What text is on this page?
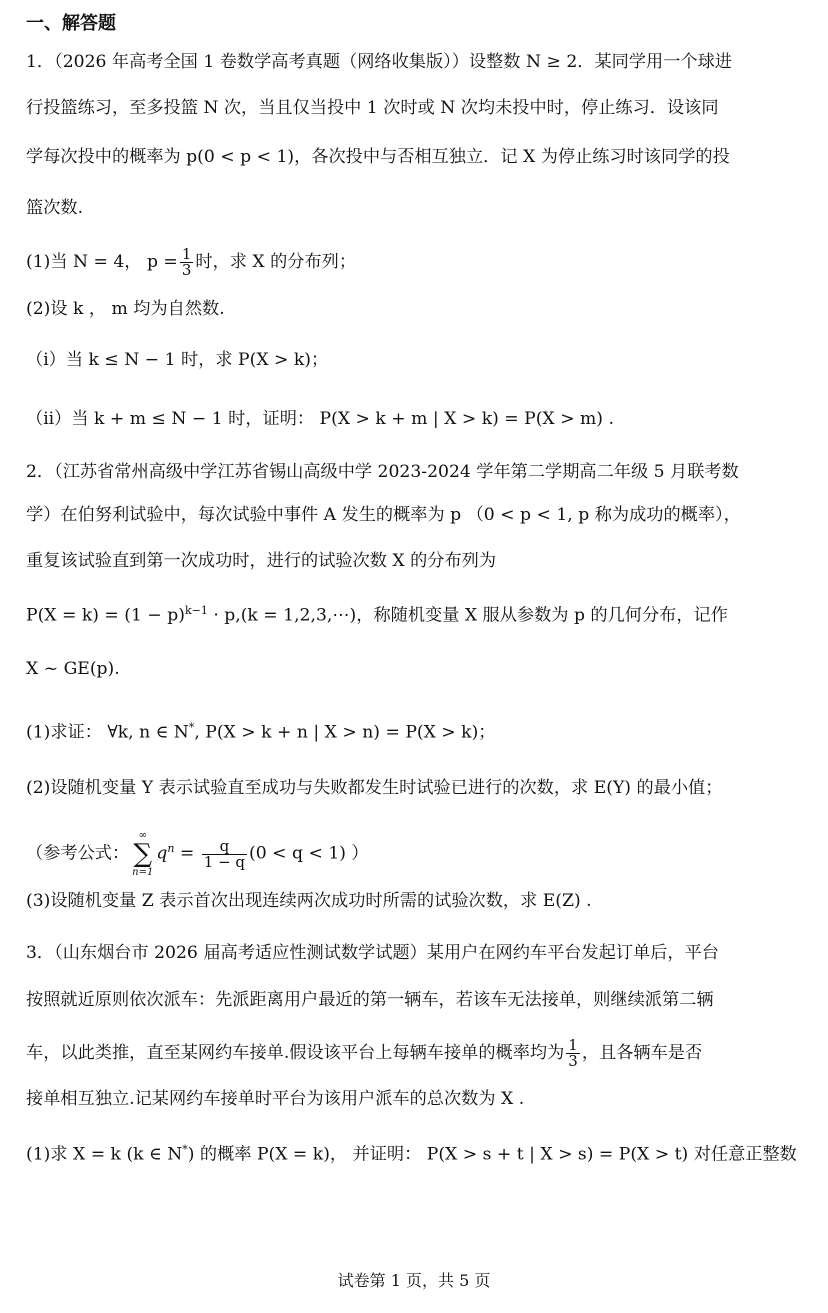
一、解答题
1．（2026 年高考全国 1 卷数学高考真题（网络收集版））设整数 N ≥ 2．某同学用一个球进
行投篮练习，至多投篮 N 次，当且仅当投中 1 次时或 N 次均未投中时，停止练习．设该同
学每次投中的概率为 p(0 < p < 1)，各次投中与否相互独立．记 X 为停止练习时该同学的投
篮次数.
(1)当 N = 4， $p = \frac{1}{3}$ 时，求 X 的分布列；
(2)设 k ， m 均为自然数.
（i）当 k ≤ N − 1 时，求 P(X > k)；
（ii）当 k + m ≤ N − 1 时，证明： P(X > k + m | X > k) = P(X > m) .
2．（江苏省常州高级中学江苏省锡山高级中学 2023-2024 学年第二学期高二年级 5 月联考数
学）在伯努利试验中，每次试验中事件 A 发生的概率为 p （0 < p < 1, p 称为成功的概率），
重复该试验直到第一次成功时，进行的试验次数 X 的分布列为
$P(X = k) = (1 - p)^{k-1} \cdot p,(k$ = 1,2,3,⋯)，称随机变量 X 服从参数为 p 的几何分布，记作
X ~ GE(p).
(1)求证： ∀k, n ∈ N*, P(X > k + n | X > n) = P(X > k)；
(2)设随机变量 Y 表示试验直至成功与失败都发生时试验已进行的次数，求 E(Y) 的最小值；
（参考公式：
∞
∑
n=1
$q^n = \frac{q}{1 - q} (0 < q < 1)$ ）
(3)设随机变量 Z 表示首次出现连续两次成功时所需的试验次数，求 E(Z) .
3．（山东烟台市 2026 届高考适应性测试数学试题）某用户在网约车平台发起订单后，平台
按照就近原则依次派车：先派距离用户最近的第一辆车，若该车无法接单，则继续派第二辆
车，以此类推，直至某网约车接单.假设该平台上每辆车接单的概率均为 $\frac{1}{3}$ ，且各辆车是否
接单相互独立.记某网约车接单时平台为该用户派车的总次数为 X .
(1)求 X = k (k ∈ N*) 的概率 P(X = k)， 并证明： P(X > s + t | X > s) = P(X > t) 对任意正整数
试卷第 1 页，共 5 页
